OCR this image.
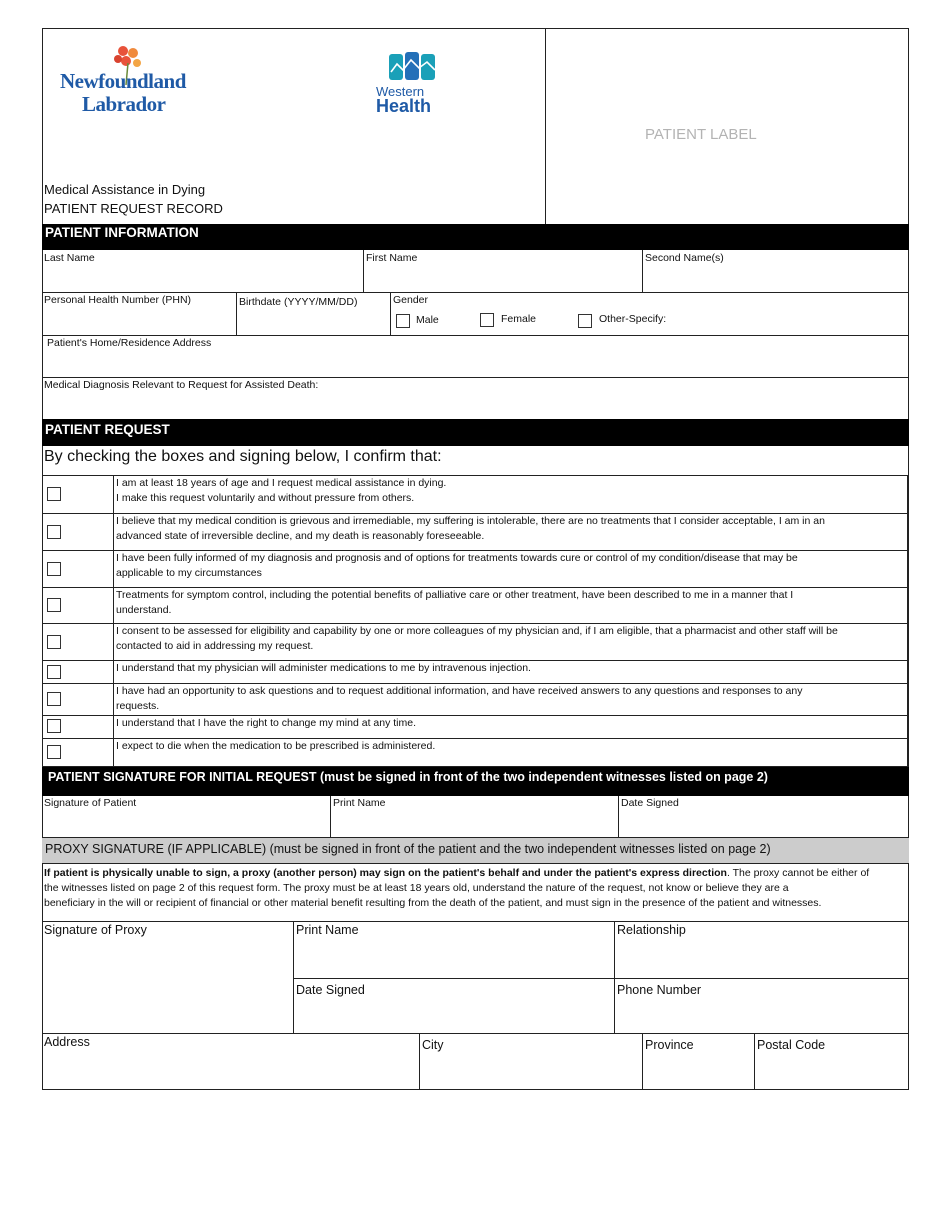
Newfoundland
Labrador
Western
Health
PATIENT LABEL
Medical Assistance in Dying
PATIENT REQUEST RECORD
PATIENT INFORMATION
Last Name	First Name	Second Name(s)
Personal Health Number (PHN)	Birthdate (YYYY/MM/DD)	Gender
Male	Female	Other-Specify:
Patient's Home/Residence Address
Medical Diagnosis Relevant to Request for Assisted Death:
PATIENT REQUEST
By checking the boxes and signing below, I confirm that:
I am at least 18 years of age and I request medical assistance in dying.
I make this request voluntarily and without pressure from others.
I believe that my medical condition is grievous and irremediable, my suffering is intolerable, there are no treatments that I consider acceptable, I am in an
advanced state of irreversible decline, and my death is reasonably foreseeable.
I have been fully informed of my diagnosis and prognosis and of options for treatments towards cure or control of my condition/disease that may be
applicable to my circumstances
Treatments for symptom control, including the potential benefits of palliative care or other treatment, have been described to me in a manner that I
understand.
I consent to be assessed for eligibility and capability by one or more colleagues of my physician and, if I am eligible, that a pharmacist and other staff will be
contacted to aid in addressing my request.
I understand that my physician will administer medications to me by intravenous injection.
I have had an opportunity to ask questions and to request additional information, and have received answers to any questions and responses to any
requests.
I understand that I have the right to change my mind at any time.
I expect to die when the medication to be prescribed is administered.
PATIENT SIGNATURE FOR INITIAL REQUEST (must be signed in front of the two independent witnesses listed on page 2)
Signature of Patient	Print Name	Date Signed
PROXY SIGNATURE (IF APPLICABLE) (must be signed in front of the patient and the two independent witnesses listed on page 2)
If patient is physically unable to sign, a proxy (another person) may sign on the patient's behalf and under the patient's express direction. The proxy cannot be either of
the witnesses listed on page 2 of this request form. The proxy must be at least 18 years old, understand the nature of the request, not know or believe they are a
beneficiary in the will or recipient of financial or other material benefit resulting from the death of the patient, and must sign in the presence of the patient and witnesses.
Signature of Proxy	Print Name	Relationship
Date Signed	Phone Number
Address	City	Province	Postal Code
